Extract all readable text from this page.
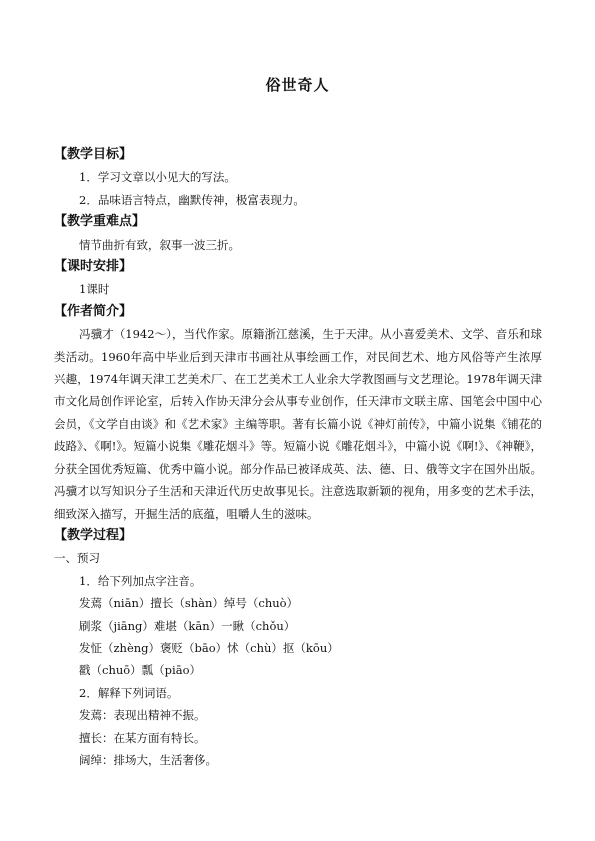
俗世奇人
【教学目标】
1．学习文章以小见大的写法。
2．品味语言特点，幽默传神，极富表现力。
【教学重难点】
情节曲折有致，叙事一波三折。
【课时安排】
1课时
【作者简介】
冯骥才（1942～），当代作家。原籍浙江慈溪，生于天津。从小喜爱美术、文学、音乐和球类活动。1960年高中毕业后到天津市书画社从事绘画工作，对民间艺术、地方风俗等产生浓厚兴趣，1974年调天津工艺美术厂、在工艺美术工人业余大学教图画与文艺理论。1978年调天津市文化局创作评论室，后转入作协天津分会从事专业创作，任天津市文联主席、国笔会中国中心会员，《文学自由谈》和《艺术家》主编等职。著有长篇小说《神灯前传》，中篇小说集《铺花的歧路》、《啊!》。短篇小说集《雕花烟斗》等。短篇小说《雕花烟斗》，中篇小说《啊!》、《神鞭》，分获全国优秀短篇、优秀中篇小说。部分作品已被译成英、法、德、日、俄等文字在国外出版。冯骥才以写知识分子生活和天津近代历史故事见长。注意选取新颖的视角，用多变的艺术手法，细致深入描写，开掘生活的底蕴，咀嚼人生的滋味。
【教学过程】
一、预习
1．给下列加点字注音。
发蔫（niān）擅长（shàn）绰号（chuò）
刷浆（jiāng）难堪（kān）一瞅（chǒu）
发怔（zhèng）褒贬（bāo）怵（chù）抠（kōu）
戳（chuō）瓢（piāo）
2．解释下列词语。
发蔫：表现出精神不振。
擅长：在某方面有特长。
阔绰：排场大，生活奢侈。
